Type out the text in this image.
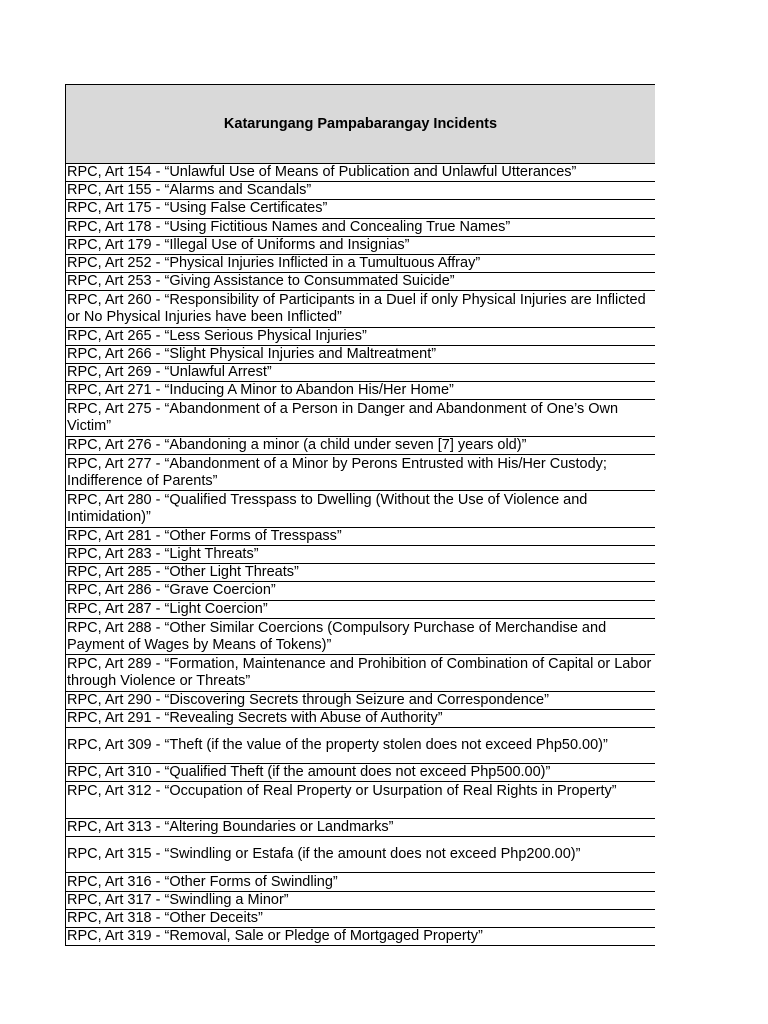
Katarungang Pampabarangay Incidents
RPC, Art 154 - “Unlawful Use of Means of Publication and Unlawful Utterances”
RPC, Art 155 - “Alarms and Scandals”
RPC, Art 175 - “Using False Certificates”
RPC, Art 178 - “Using Fictitious Names and Concealing True Names”
RPC, Art 179 - “Illegal Use of Uniforms and Insignias”
RPC, Art 252 - “Physical Injuries Inflicted in a Tumultuous Affray”
RPC, Art 253 - “Giving Assistance to Consummated Suicide”
RPC, Art 260 - “Responsibility of Participants in a Duel if only Physical Injuries are Inflicted or No Physical Injuries have been Inflicted”
RPC, Art 265 - “Less Serious Physical Injuries”
RPC, Art 266 - “Slight Physical Injuries and Maltreatment”
RPC, Art 269 - “Unlawful Arrest”
RPC, Art 271 - “Inducing A Minor to Abandon His/Her Home”
RPC, Art 275 - “Abandonment of a Person in Danger and Abandonment of One’s Own Victim”
RPC, Art 276 - “Abandoning a minor (a child under seven [7] years old)”
RPC, Art 277 - “Abandonment of a Minor by Perons Entrusted with His/Her Custody; Indifference of Parents”
RPC, Art 280 - “Qualified Tresspass to Dwelling (Without the Use of Violence and Intimidation)”
RPC, Art 281 - “Other Forms of Tresspass”
RPC, Art 283 - “Light Threats”
RPC, Art 285 - “Other Light Threats”
RPC, Art 286 - “Grave Coercion”
RPC, Art 287 - “Light Coercion”
RPC, Art 288 - “Other Similar Coercions (Compulsory Purchase of Merchandise and Payment of Wages by Means of Tokens)”
RPC, Art 289 - “Formation, Maintenance and Prohibition of Combination of Capital or Labor through Violence or Threats”
RPC, Art 290 - “Discovering Secrets through Seizure and Correspondence”
RPC, Art 291 - “Revealing Secrets with Abuse of Authority”
RPC, Art 309 - “Theft (if the value of the property stolen does not exceed Php50.00)”
RPC, Art 310 - “Qualified Theft (if the amount does not exceed Php500.00)”
RPC, Art 312 - “Occupation of Real Property or Usurpation of Real Rights in Property”
RPC, Art 313 - “Altering Boundaries or Landmarks”
RPC, Art 315 - “Swindling or Estafa (if the amount does not exceed Php200.00)”
RPC, Art 316 - “Other Forms of Swindling”
RPC, Art 317 - “Swindling a Minor”
RPC, Art 318 - “Other Deceits”
RPC, Art 319 - “Removal, Sale or Pledge of Mortgaged Property”
